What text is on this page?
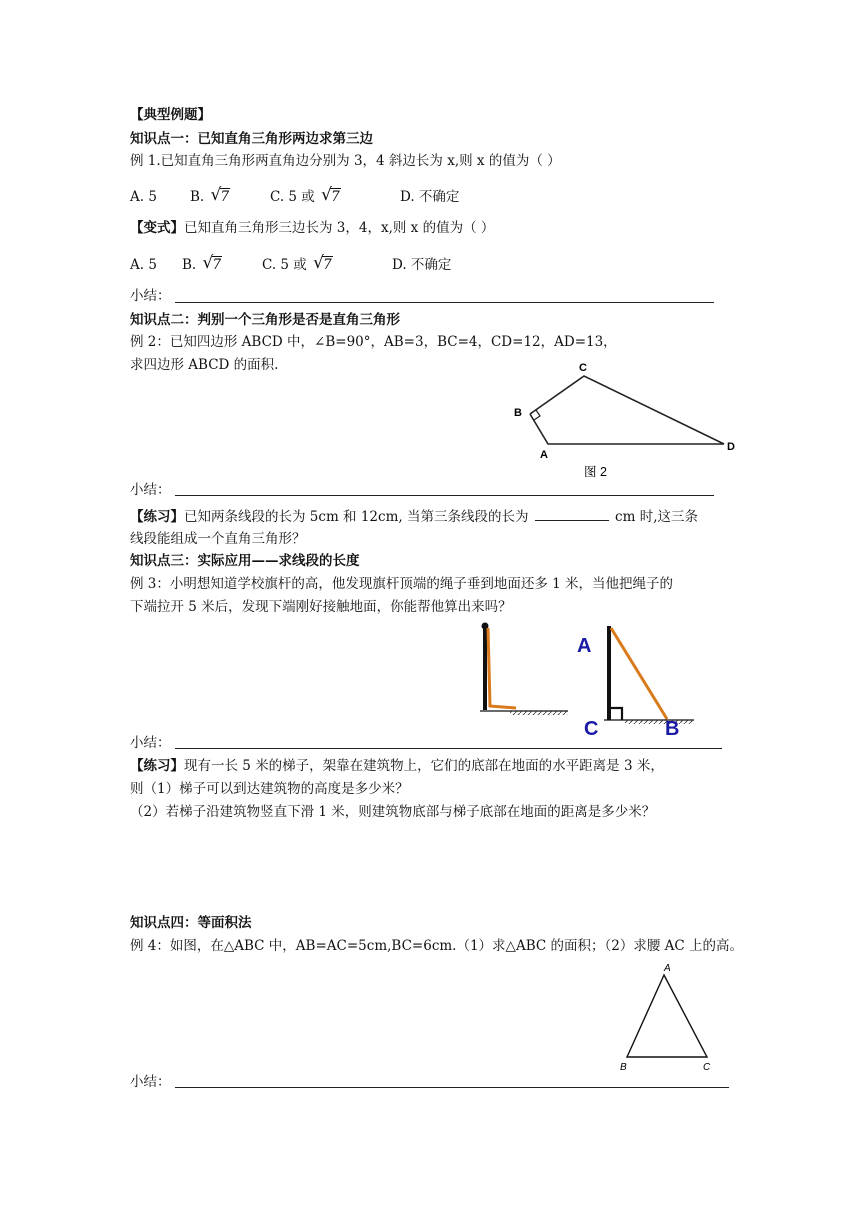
【典型例题】
知识点一：已知直角三角形两边求第三边
例 1.已知直角三角形两直角边分别为 3，4 斜边长为 x,则 x 的值为（ ）
A. 5 B. √ 7	C. 5 或 √ 7	D. 不确定
【变式】已知直角三角形三边长为 3，4，x,则 x 的值为（ ）
A. 5 B. √ 7	C. 5 或 √ 7	D. 不确定
小结：
知识点二：判别一个三角形是否是直角三角形
例 2：已知四边形 ABCD 中，∠B=90°，AB=3，BC=4，CD=12，AD=13，
求四边形 ABCD 的面积.
A
B
C
D
图 2
小结：
【练习】已知两条线段的长为 5cm 和 12cm, 当第三条线段的长为	cm 时,这三条
线段能组成一个直角三角形？
知识点三：实际应用——求线段的长度
例 3：小明想知道学校旗杆的高，他发现旗杆顶端的绳子垂到地面还多 1 米，当他把绳子的
下端拉开 5 米后，发现下端刚好接触地面，你能帮他算出来吗？
A
C	B
小结：
【练习】现有一长 5 米的梯子，架靠在建筑物上，它们的底部在地面的水平距离是 3 米，
则（1）梯子可以到达建筑物的高度是多少米？
（2）若梯子沿建筑物竖直下滑 1 米，则建筑物底部与梯子底部在地面的距离是多少米？
知识点四：等面积法
例 4：如图，在△ABC 中，AB=AC=5cm,BC=6cm.（1）求△ABC 的面积；（2）求腰 AC 上的高。
A
B	C
小结：
